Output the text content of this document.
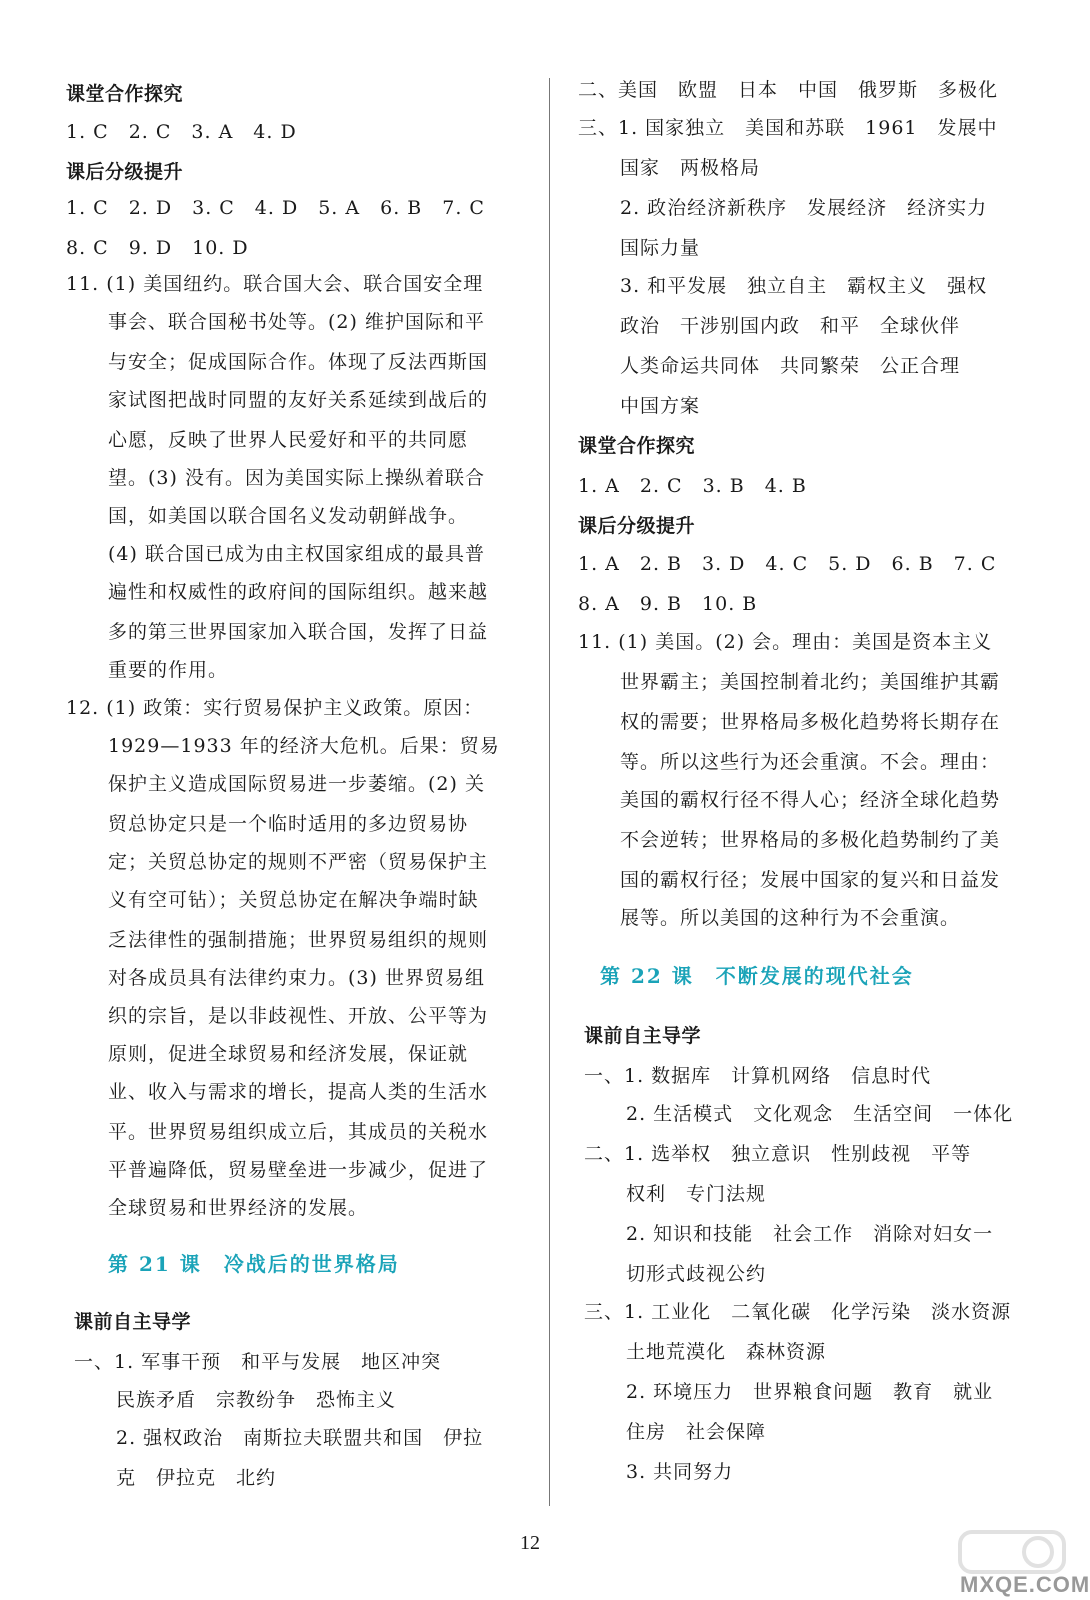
课堂合作探究
1. C　2. C　3. A　4. D
课后分级提升
1. C　2. D　3. C　4. D　5. A　6. B　7. C
8. C　9. D　10. D
11. (1) 美国纽约。联合国大会、联合国安全理
事会、联合国秘书处等。(2) 维护国际和平
与安全；促成国际合作。体现了反法西斯国
家试图把战时同盟的友好关系延续到战后的
心愿，反映了世界人民爱好和平的共同愿
望。(3) 没有。因为美国实际上操纵着联合
国，如美国以联合国名义发动朝鲜战争。
(4) 联合国已成为由主权国家组成的最具普
遍性和权威性的政府间的国际组织。越来越
多的第三世界国家加入联合国，发挥了日益
重要的作用。
12. (1) 政策：实行贸易保护主义政策。原因：
1929—1933 年的经济大危机。后果：贸易
保护主义造成国际贸易进一步萎缩。(2) 关
贸总协定只是一个临时适用的多边贸易协
定；关贸总协定的规则不严密（贸易保护主
义有空可钻）；关贸总协定在解决争端时缺
乏法律性的强制措施；世界贸易组织的规则
对各成员具有法律约束力。(3) 世界贸易组
织的宗旨，是以非歧视性、开放、公平等为
原则，促进全球贸易和经济发展，保证就
业、收入与需求的增长，提高人类的生活水
平。世界贸易组织成立后，其成员的关税水
平普遍降低，贸易壁垒进一步减少，促进了
全球贸易和世界经济的发展。
第 21 课　冷战后的世界格局
课前自主导学
一、1. 军事干预　和平与发展　地区冲突
民族矛盾　宗教纷争　恐怖主义
2. 强权政治　南斯拉夫联盟共和国　伊拉
克　伊拉克　北约
二、美国　欧盟　日本　中国　俄罗斯　多极化
三、1. 国家独立　美国和苏联　1961　发展中
国家　两极格局
2. 政治经济新秩序　发展经济　经济实力
国际力量
3. 和平发展　独立自主　霸权主义　强权
政治　干涉别国内政　和平　全球伙伴
人类命运共同体　共同繁荣　公正合理
中国方案
课堂合作探究
1. A　2. C　3. B　4. B
课后分级提升
1. A　2. B　3. D　4. C　5. D　6. B　7. C
8. A　9. B　10. B
11. (1) 美国。(2) 会。理由：美国是资本主义
世界霸主；美国控制着北约；美国维护其霸
权的需要；世界格局多极化趋势将长期存在
等。所以这些行为还会重演。不会。理由：
美国的霸权行径不得人心；经济全球化趋势
不会逆转；世界格局的多极化趋势制约了美
国的霸权行径；发展中国家的复兴和日益发
展等。所以美国的这种行为不会重演。
第 22 课　不断发展的现代社会
课前自主导学
一、1. 数据库　计算机网络　信息时代
2. 生活模式　文化观念　生活空间　一体化
二、1. 选举权　独立意识　性别歧视　平等
权利　专门法规
2. 知识和技能　社会工作　消除对妇女一
切形式歧视公约
三、1. 工业化　二氧化碳　化学污染　淡水资源
土地荒漠化　森林资源
2. 环境压力　世界粮食问题　教育　就业
住房　社会保障
3. 共同努力
12
MXQE.COM
